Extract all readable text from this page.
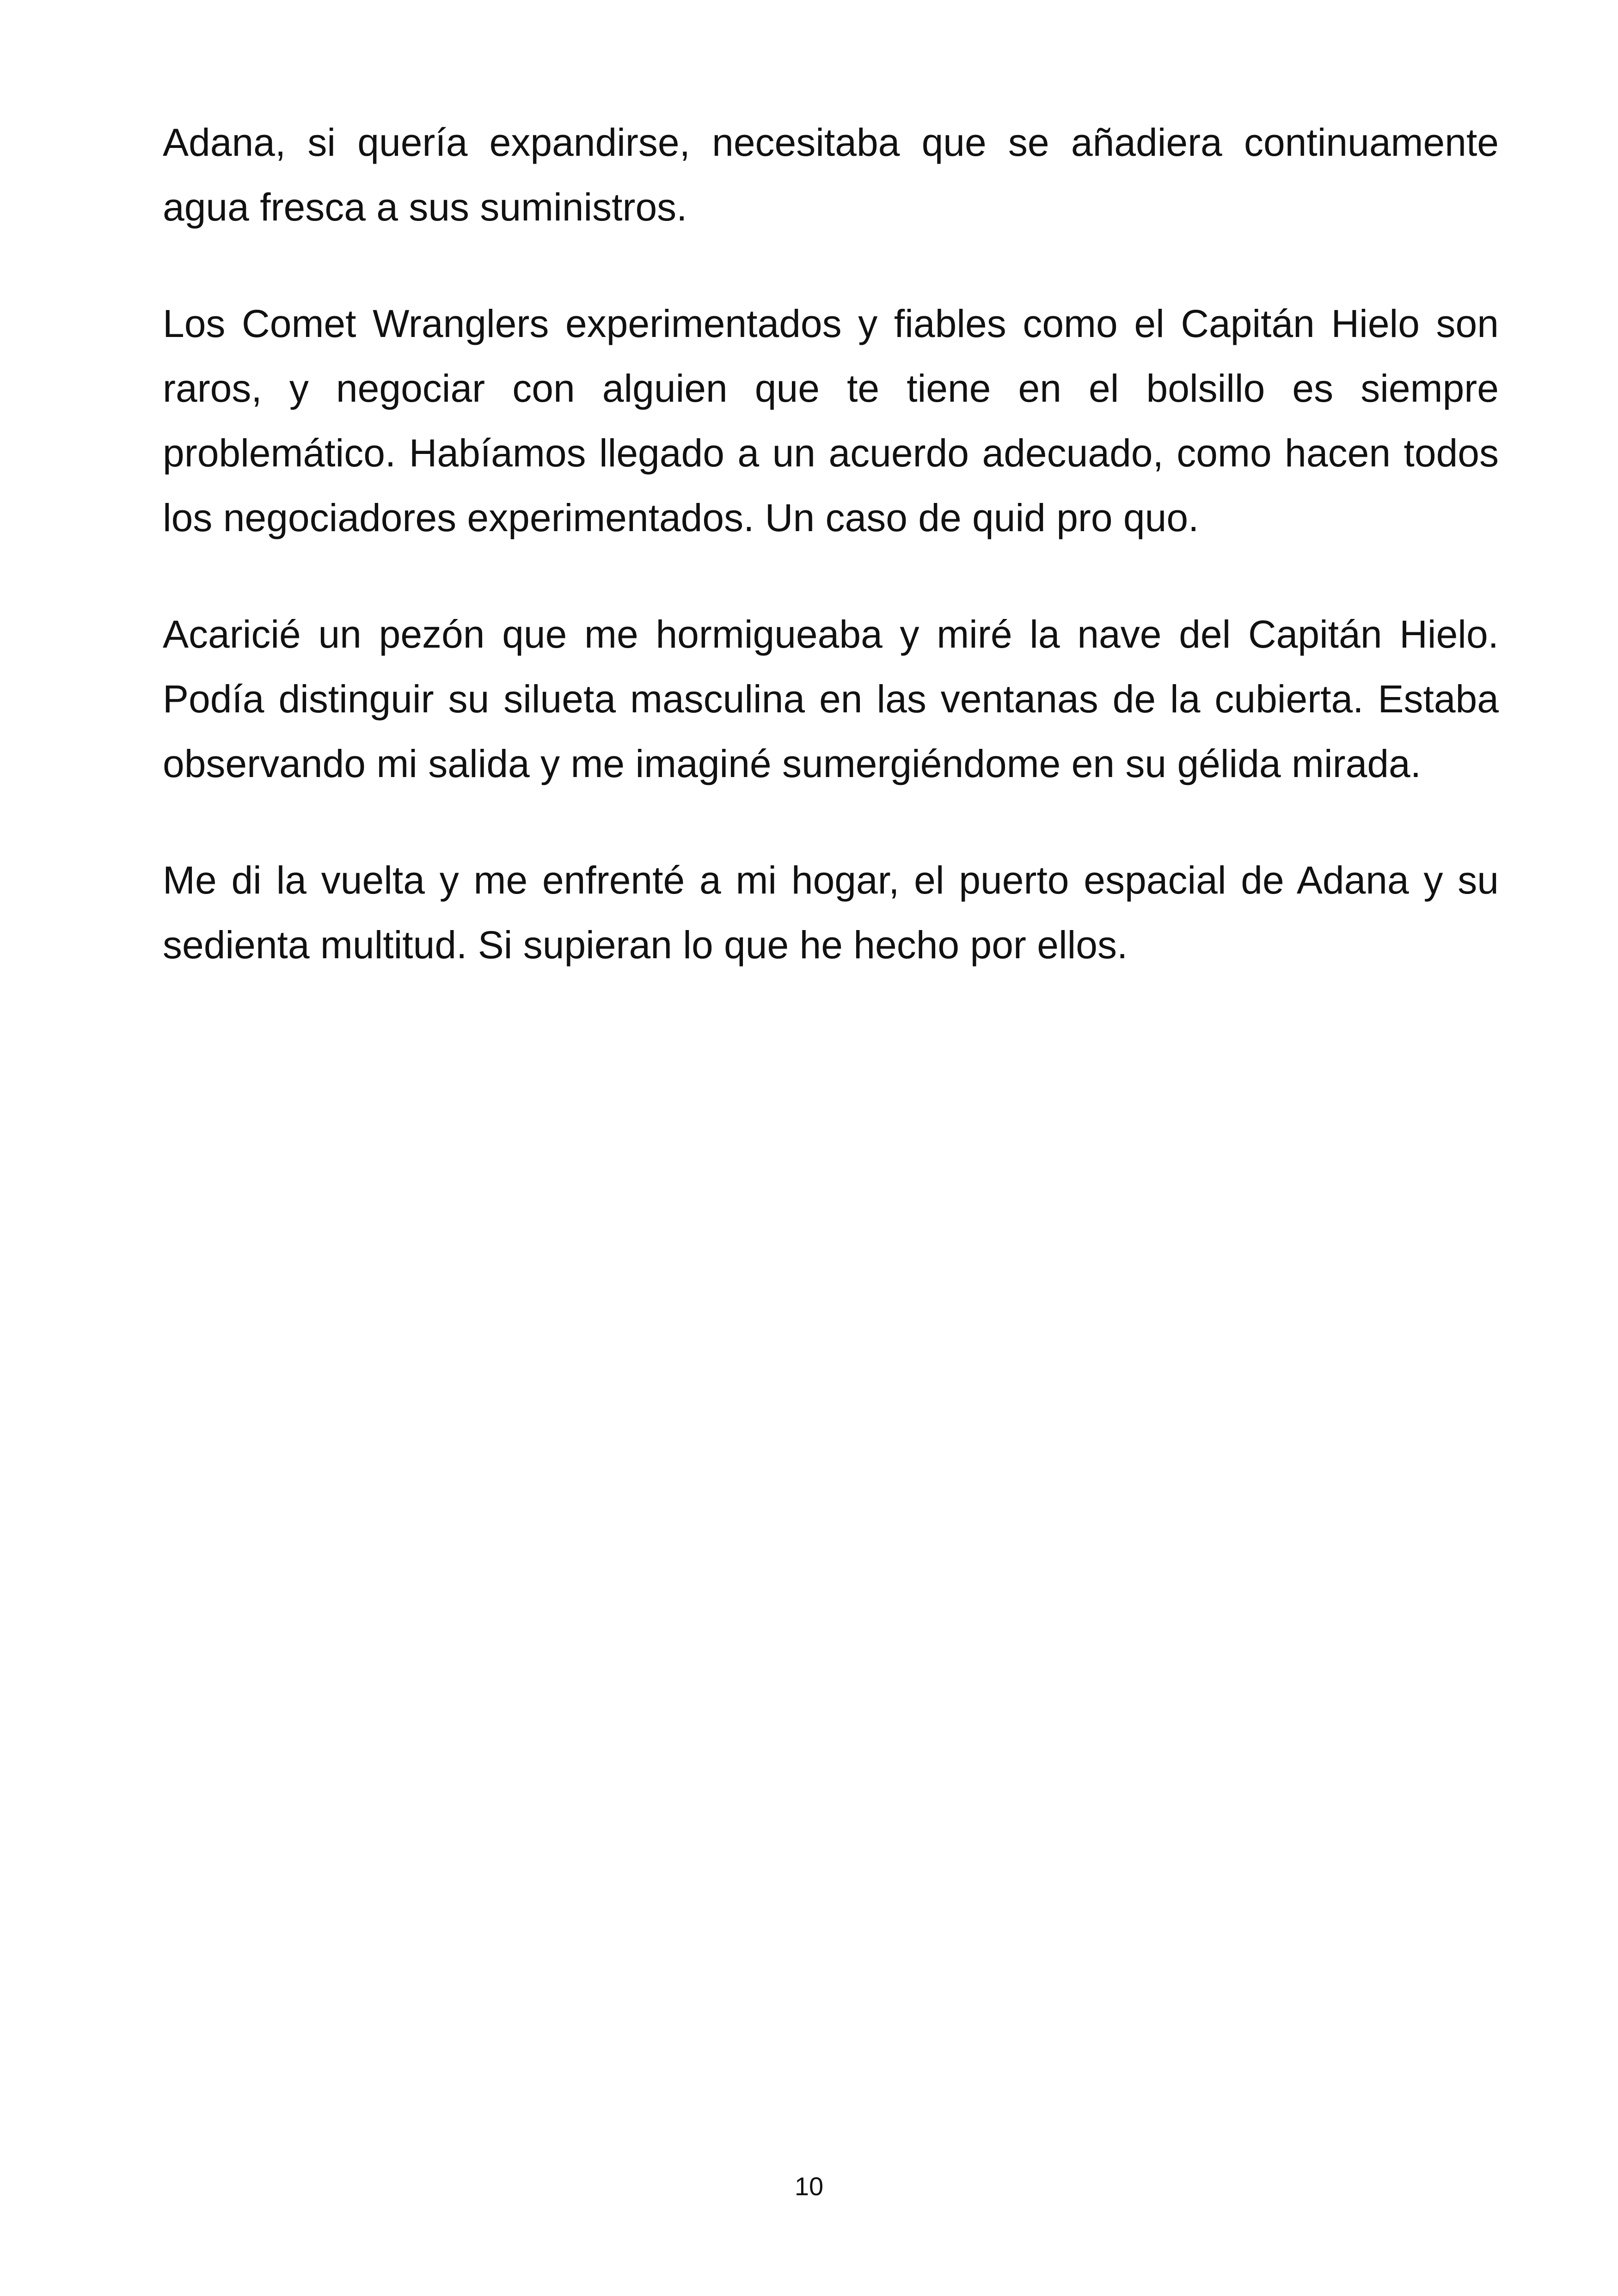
Adana, si quería expandirse, necesitaba que se añadiera continuamente agua fresca a sus suministros.

Los Comet Wranglers experimentados y fiables como el Capitán Hielo son raros, y negociar con alguien que te tiene en el bolsillo es siempre problemático. Habíamos llegado a un acuerdo adecuado, como hacen todos los negociadores experimentados. Un caso de quid pro quo.

Acaricié un pezón que me hormigueaba y miré la nave del Capitán Hielo. Podía distinguir su silueta masculina en las ventanas de la cubierta. Estaba observando mi salida y me imaginé sumergiéndome en su gélida mirada.

Me di la vuelta y me enfrenté a mi hogar, el puerto espacial de Adana y su sedienta multitud. Si supieran lo que he hecho por ellos.

10
